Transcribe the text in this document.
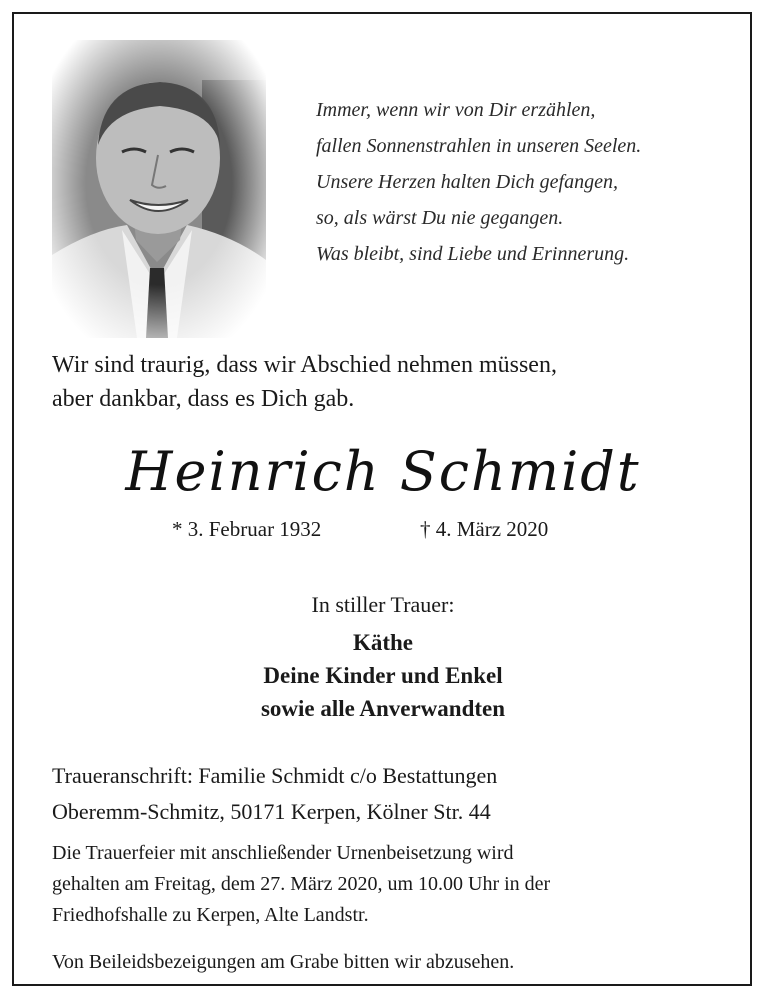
Immer, wenn wir von Dir erzählen,
fallen Sonnenstrahlen in unseren Seelen.
Unsere Herzen halten Dich gefangen,
so, als wärst Du nie gegangen.
Was bleibt, sind Liebe und Erinnerung.
Wir sind traurig, dass wir Abschied nehmen müssen,
aber dankbar, dass es Dich gab.
Heinrich Schmidt
* 3. Februar 1932	† 4. März 2020
In stiller Trauer:
Käthe
Deine Kinder und Enkel
sowie alle Anverwandten
Traueranschrift: Familie Schmidt c/o Bestattungen
Oberemm-Schmitz, 50171 Kerpen, Kölner Str. 44
Die Trauerfeier mit anschließender Urnenbeisetzung wird
gehalten am Freitag, dem 27. März 2020, um 10.00 Uhr in der
Friedhofshalle zu Kerpen, Alte Landstr.
Von Beileidsbezeigungen am Grabe bitten wir abzusehen.
